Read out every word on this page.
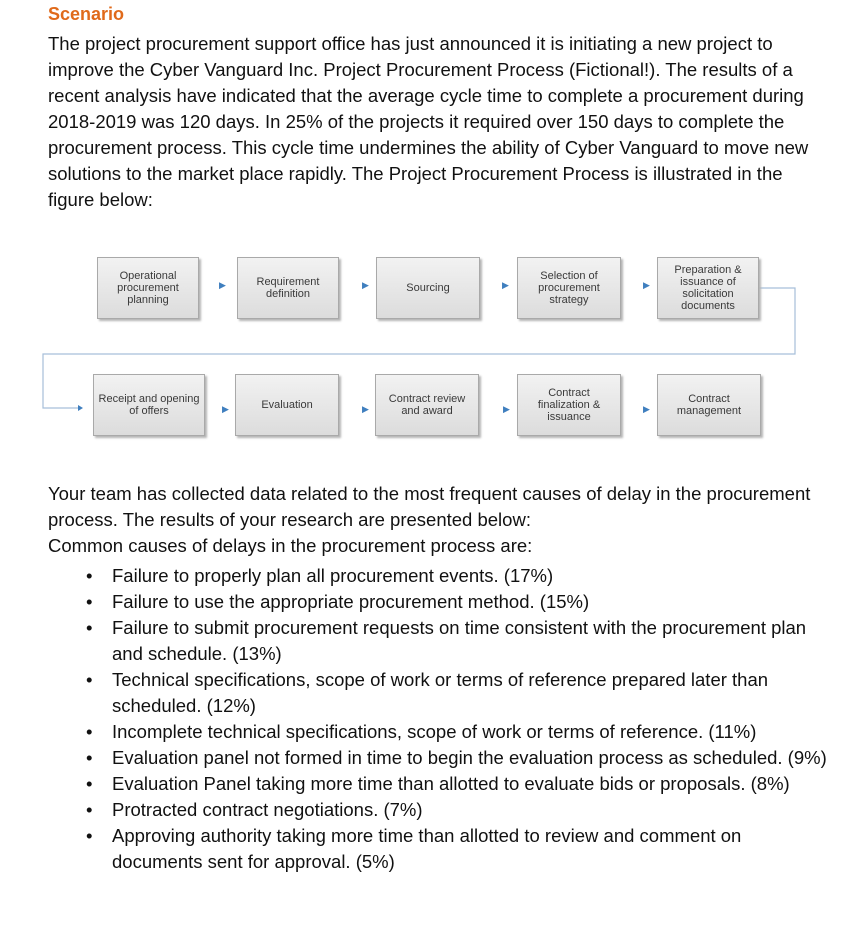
Scenario
The project procurement support office has just announced it is initiating a new project to improve the Cyber Vanguard Inc. Project Procurement Process (Fictional!). The results of a recent analysis have indicated that the average cycle time to complete a procurement during 2018-2019 was 120 days. In 25% of the projects it required over 150 days to complete the procurement process. This cycle time undermines the ability of Cyber Vanguard to move new solutions to the market place rapidly. The Project Procurement Process is illustrated in the figure below:
Operational procurement planning
▶	Requirement definition
▶	Sourcing	▶
Selection of procurement strategy
▶
Preparation & issuance of solicitation documents
Receipt and opening of offers	▶	Evaluation	▶
Contract review and award	▶
Contract finalization & issuance
▶
Contract management

Your team has collected data related to the most frequent causes of delay in the procurement process. The results of your research are presented below:

Common causes of delays in the procurement process are:

• Failure to properly plan all procurement events. (17%)
• Failure to use the appropriate procurement method. (15%)
• Failure to submit procurement requests on time consistent with the procurement plan and schedule. (13%)
• Technical specifications, scope of work or terms of reference prepared later than scheduled. (12%)
• Incomplete technical specifications, scope of work or terms of reference. (11%)
• Evaluation panel not formed in time to begin the evaluation process as scheduled. (9%)
• Evaluation Panel taking more time than allotted to evaluate bids or proposals. (8%)
• Protracted contract negotiations. (7%)
• Approving authority taking more time than allotted to review and comment on documents sent for approval. (5%)
